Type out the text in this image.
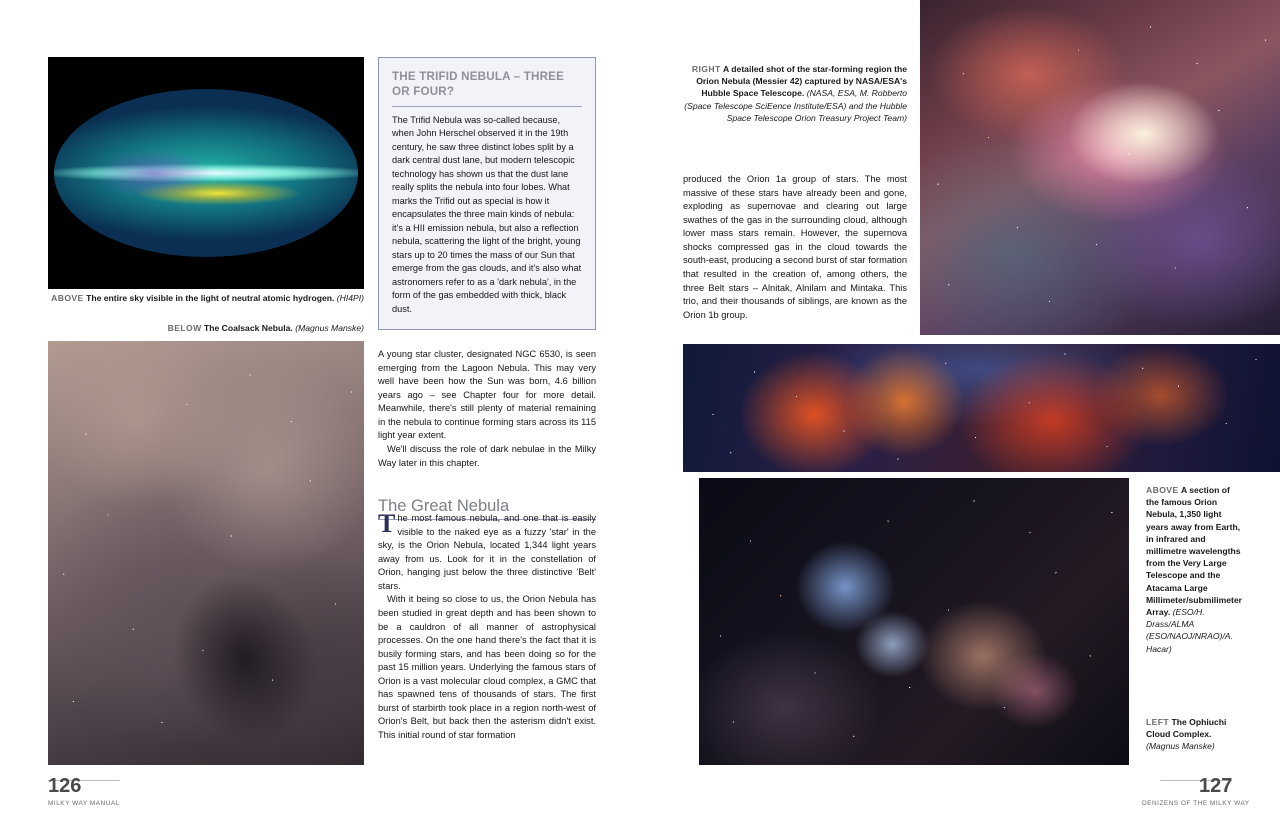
ABOVE The entire sky visible in the light of neutral atomic hydrogen. (HI4PI)
BELOW The Coalsack Nebula. (Magnus Manske)
THE TRIFID NEBULA – THREE OR FOUR?
The Trifid Nebula was so-called because, when John Herschel observed it in the 19th century, he saw three distinct lobes split by a dark central dust lane, but modern telescopic technology has shown us that the dust lane really splits the nebula into four lobes. What marks the Trifid out as special is how it encapsulates the three main kinds of nebula: it's a HII emission nebula, but also a reflection nebula, scattering the light of the bright, young stars up to 20 times the mass of our Sun that emerge from the gas clouds, and it's also what astronomers refer to as a 'dark nebula', in the form of the gas embedded with thick, black dust.

A young star cluster, designated NGC 6530, is seen emerging from the Lagoon Nebula. This may very well have been how the Sun was born, 4.6 billion years ago – see Chapter four for more detail. Meanwhile, there's still plenty of material remaining in the nebula to continue forming stars across its 115 light year extent.

We'll discuss the role of dark nebulae in the Milky Way later in this chapter.

The Great Nebula
T he most famous nebula, and one that is easily visible to the naked eye as a fuzzy 'star' in the sky, is the Orion Nebula, located 1,344 light years away from us. Look for it in the constellation of Orion, hanging just below the three distinctive 'Belt' stars.

With it being so close to us, the Orion Nebula has been studied in great depth and has been shown to be a cauldron of all manner of astrophysical processes. On the one hand there's the fact that it is busily forming stars, and has been doing so for the past 15 million years. Underlying the famous stars of Orion is a vast molecular cloud complex, a GMC that has spawned tens of thousands of stars. The first burst of starbirth took place in a region north-west of Orion's Belt, but back then the asterism didn't exist. This initial round of star formation

126
MILKY WAY MANUAL
RIGHT A detailed shot of the star-forming region the Orion Nebula (Messier 42) captured by NASA/ESA's Hubble Space Telescope. (NASA, ESA, M. Robberto (Space Telescope SciEence Institute/ESA) and the Hubble Space Telescope Orion Treasury Project Team)

produced the Orion 1a group of stars. The most massive of these stars have already been and gone, exploding as supernovae and clearing out large swathes of the gas in the surrounding cloud, although lower mass stars remain. However, the supernova shocks compressed gas in the cloud towards the south-east, producing a second burst of star formation that resulted in the creation of, among others, the three Belt stars – Alnitak, Alnilam and Mintaka. This trio, and their thousands of siblings, are known as the Orion 1b group.

ABOVE A section of the famous Orion Nebula, 1,350 light years away from Earth, in infrared and millimetre wavelengths from the Very Large Telescope and the Atacama Large Millimeter/submilimeter Array. (ESO/H. Drass/ALMA (ESO/NAOJ/NRAO)/A. Hacar)
LEFT The Ophiuchi Cloud Complex. (Magnus Manske)
127
DENIZENS OF THE MILKY WAY
